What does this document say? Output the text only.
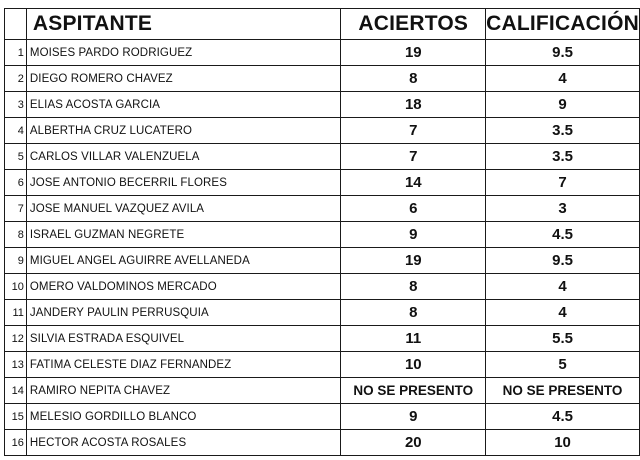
	ASPITANTE	ACIERTOS	CALIFICACIÓN
1	MOISES PARDO RODRIGUEZ	19	9.5
2	DIEGO ROMERO CHAVEZ	8	4
3	ELIAS ACOSTA GARCIA	18	9
4	ALBERTHA CRUZ LUCATERO	7	3.5
5	CARLOS VILLAR VALENZUELA	7	3.5
6	JOSE ANTONIO BECERRIL FLORES	14	7
7	JOSE MANUEL VAZQUEZ AVILA	6	3
8	ISRAEL GUZMAN NEGRETE	9	4.5
9	MIGUEL ANGEL AGUIRRE AVELLANEDA	19	9.5
10	OMERO VALDOMINOS MERCADO	8	4
11	JANDERY PAULIN PERRUSQUIA	8	4
12	SILVIA ESTRADA ESQUIVEL	11	5.5
13	FATIMA CELESTE DIAZ FERNANDEZ	10	5
14	RAMIRO NEPITA CHAVEZ	NO SE PRESENTO	NO SE PRESENTO
15	MELESIO GORDILLO BLANCO	9	4.5
16	HECTOR ACOSTA ROSALES	20	10
